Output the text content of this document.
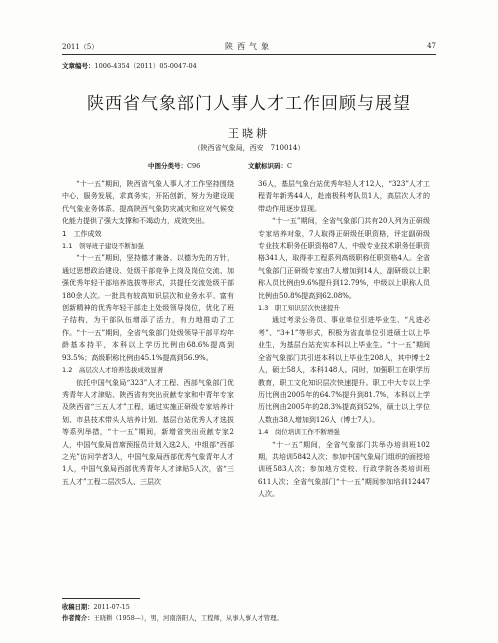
2011（5）	陕西气象	47
文章编号：1006-4354（2011）05-0047-04
陕西省气象部门人事人才工作回顾与展望
王晓耕
（陕西省气象局，西安　710014）
中图分类号：C96	文献标识码：C

“十一五”期间，陕西省气象人事人才工作坚持围绕中心，服务发展，求真务实，开拓创新，努力为建设现代气象业务体系、提高陕西气象防灾减灾和应对气候变化能力提供了强大支撑和不竭动力，成效突出。

1　工作成效
1.1　领导班子建设不断加强

“十一五”期间，坚持德才兼备、以德为先的方针，通过思想政治建设、处级干部竞争上岗及岗位交流、加强优秀年轻干部培养选拔等形式，共提任交流处级干部180余人次。一批具有较高知识层次和业务水平、富有创新精神的优秀年轻干部走上处级领导岗位，优化了班子结构，为干部队伍增添了活力，有力地推动了工作。“十一五”期间，全省气象部门处级领导干部平均年龄基本持平，本科以上学历比例由68.6%提高到93.5%；高级职称比例由45.1%提高到56.9%。

1.2　高层次人才培养选拔成效显著

依托中国气象局“323”人才工程、西部气象部门优秀青年人才津贴、陕西省有突出贡献专家和中青年专家及陕西省“三五人才”工程，通过实施正研级专家培养计划、市县技术带头人培养计划、基层台站优秀人才选拔等系列举措，“十一五”期间，新增省突出贡献专家2人，中国气象局首席预报员计划入选2人，中组部“西部之光”访问学者3人，中国气象局西部优秀气象青年人才1人，中国气象局西部优秀青年人才津贴5人次，省“三五人才”工程二层次5人、三层次

36人，基层气象台站优秀年轻人才12人，“323”人才工程青年新秀44人，赴南极科考队员1人，高层次人才的带动作用逐步显现。

“十一五”期间，全省气象部门共有20人列为正研级专家培养对象，7人取得正研级任职资格，评定副研级专业技术职务任职资格87人，中级专业技术职务任职资格341人，取得非工程系列高级职称任职资格4人。全省气象部门正研级专家由7人增加到14人，副研级以上职称人员比例由9.6%提升到12.79%，中级以上职称人员比例由50.8%提高到62.08%。

1.3　职工知识层次快速提升

通过考录公务员、事业单位引进毕业生、“凡进必考”、“3+1”等形式，积极为省直单位引进硕士以上毕业生，为基层台站充实本科以上毕业生。“十一五”期间全省气象部门共引进本科以上毕业生208人，其中博士2人，硕士58人，本科148人。同时，加强职工在职学历教育，职工文化知识层次快速提升。职工中大专以上学历比例由2005年的64.7%提升到81.7%，本科以上学历比例由2005年的28.3%提高到52%，硕士以上学位人数由38人增加到126人（博士7人）。

1.4　岗位培训工作不断增强

“十一五”期间，全省气象部门共举办培训班102期，共培训5842人次；参加中国气象局门组织的面授培训班583人次；参加地方党校、行政学院各类培训班611人次；全省气象部门“十一五”期间参加培训12447人次。

收稿日期：2011-07-15
作者简介：王晓耕（1958—），男，河南洛阳人，工程师，从事人事人才管理。
